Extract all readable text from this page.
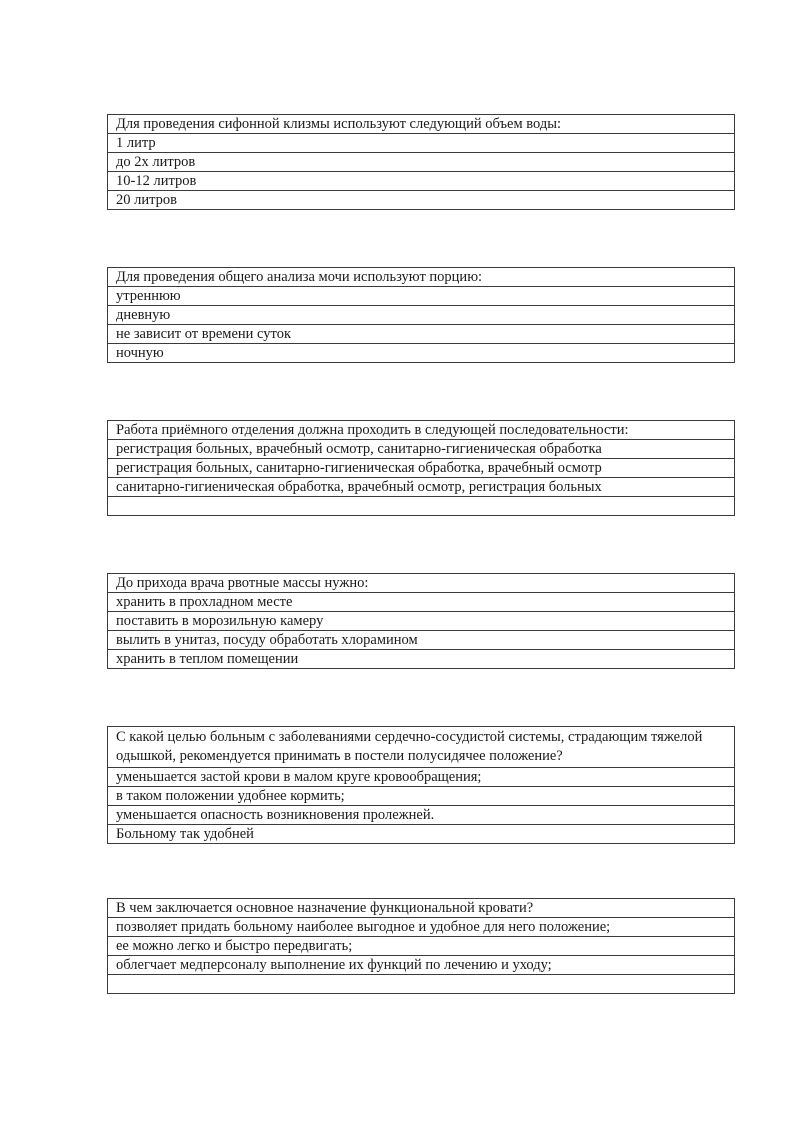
Для проведения сифонной клизмы используют следующий объем воды:
1 литр
до 2х литров
10-12 литров
20 литров
Для проведения общего анализа мочи используют порцию:
утреннюю
дневную
не зависит от времени суток
ночную
Работа приёмного отделения должна проходить в следующей последовательности:
регистрация больных, врачебный осмотр, санитарно-гигиеническая обработка
регистрация больных, санитарно-гигиеническая обработка, врачебный осмотр
санитарно-гигиеническая обработка, врачебный осмотр, регистрация больных

До прихода врача рвотные массы нужно:
хранить в прохладном месте
поставить в морозильную камеру
вылить в унитаз, посуду обработать хлорамином
хранить в теплом помещении
С какой целью больным с заболеваниями сердечно-сосудистой системы, страдающим тяжелой одышкой, рекомендуется принимать в постели полусидячее положение?
уменьшается застой крови в малом круге кровообращения;
в таком положении удобнее кормить;
уменьшается опасность возникновения пролежней.
Больному так удобней
В чем заключается основное назначение функциональной кровати?
позволяет придать больному наиболее выгодное и удобное для него положение;
ее можно легко и быстро передвигать;
облегчает медперсоналу выполнение их функций по лечению и уходу;
